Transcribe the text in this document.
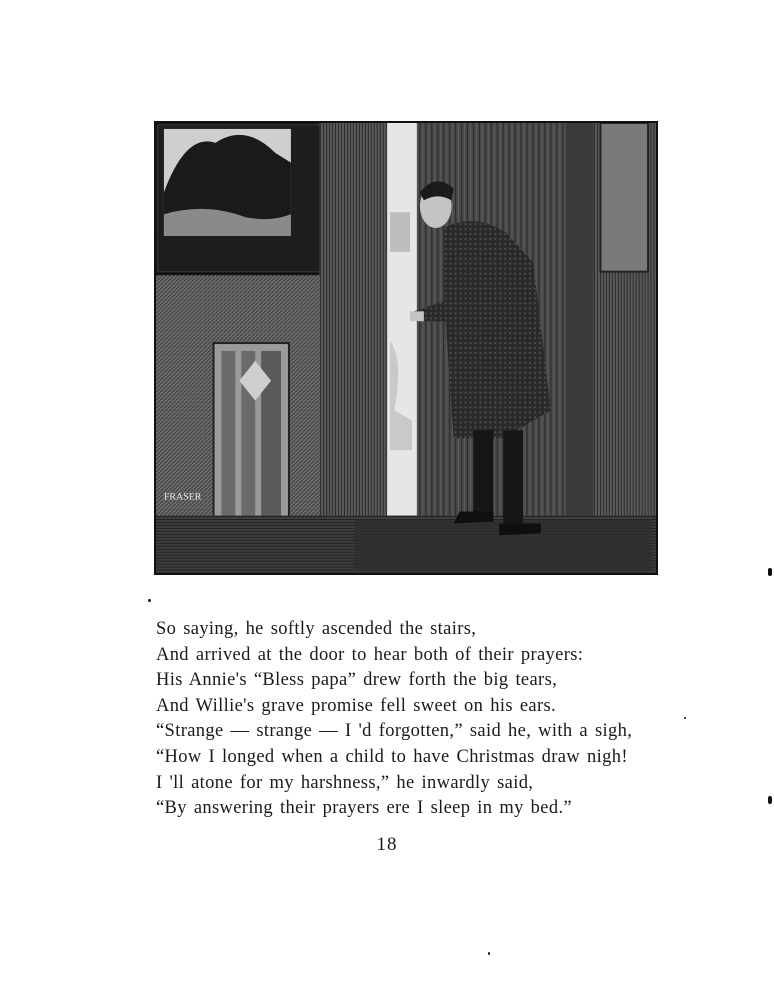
FRASER
So saying, he softly ascended the stairs,
And arrived at the door to hear both of their prayers:
His Annie's “Bless papa” drew forth the big tears,
And Willie's grave promise fell sweet on his ears.
“Strange — strange — I 'd forgotten,” said he, with a sigh,
“How I longed when a child to have Christmas draw nigh!
I 'll atone for my harshness,” he inwardly said,
“By answering their prayers ere I sleep in my bed.”
18
